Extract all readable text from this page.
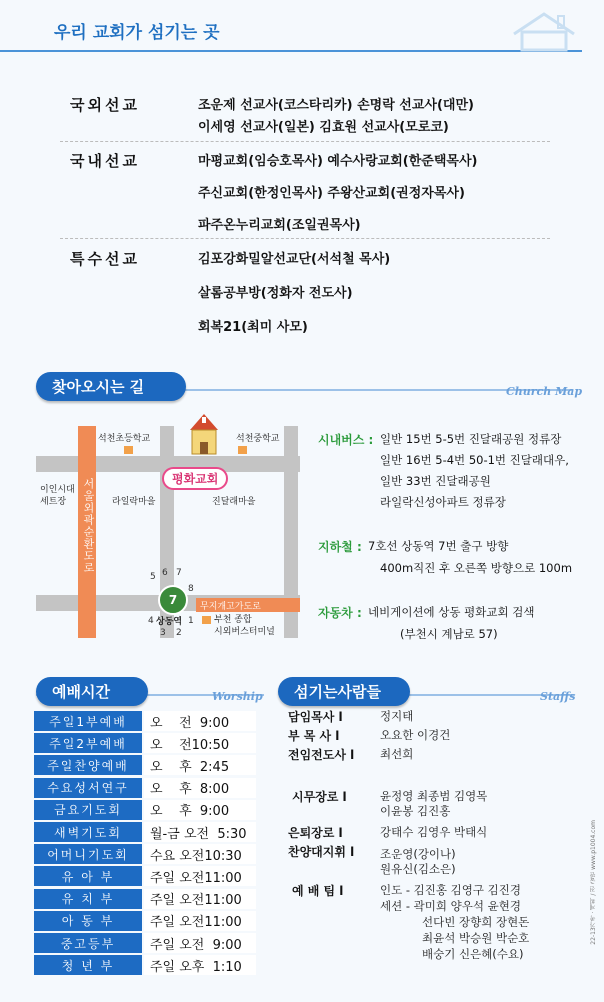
우리 교회가 섬기는 곳
국외선교	조운제 선교사(코스타리카) 손명락 선교사(대만)
이세영 선교사(일본) 김효원 선교사(모로코)
국내선교	마평교회(임승호목사) 예수사랑교회(한준택목사)
주신교회(한정인목사) 주왕산교회(권정자목사)
파주온누리교회(조일권목사)
특수선교	김포강화밀알선교단(서석철 목사)
살롬공부방(정화자 전도사)
회복21(최미 사모)
찾아오시는 길	Church Map
서울외곽순환도로
무지개고가도로
석천초등학교	석천중학교
평화교회
이인시대
세트장	라일락마을	진달래마을
7
상동역
5 6 7
8
4
3 2
1 부천 종합
시외버스터미널
시내버스 : 일반 15번 5-5번 진달래공원 정류장
일반 16번 5-4번 50-1번 진달래대우,
일반 33번 진달래공원
라일락신성아파트 정류장
지하철 : 7호선 상동역 7번 출구 방향
400m직진 후 오른쪽 방향으로 100m
자동차 : 네비게이션에 상동 평화교회 검색
(부천시 계남로 57)
예배시간	Worship
주일1부예배	오    전  9:00
주일2부예배	오    전10:50
주일찬양예배	오    후  2:45
수요성서연구	오    후  8:00
금요기도회	오    후  9:00
새벽기도회	월-금 오전  5:30
어머니기도회	수요 오전10:30
유 아 부	주일 오전11:00
유 치 부	주일 오전11:00
아 동 부	주일 오전11:00
중고등부	주일 오전  9:00
청 년 부	주일 오후  1:10
섬기는사람들	Staffs
담임목사 l	정지태
부 목 사 l	오요한 이경건
전임전도사 l 최선희
시무장로 l	윤정영 최종범 김영목
이윤봉 김진홍
은퇴장로 l	강태수 김영우 박태식
찬양대지휘 l 조운영(강이나)
원유신(김소은)
예 배 팀 l	인도 - 김진홍 김영구 김진경
세션 - 곽미희 양우석 윤현경
선다빈 장향희 장현돈
최윤석 박승원 박순호
배숭기 신은혜(수요)
22-13가족 · 계획 / 전 출판 www.p1004.com
